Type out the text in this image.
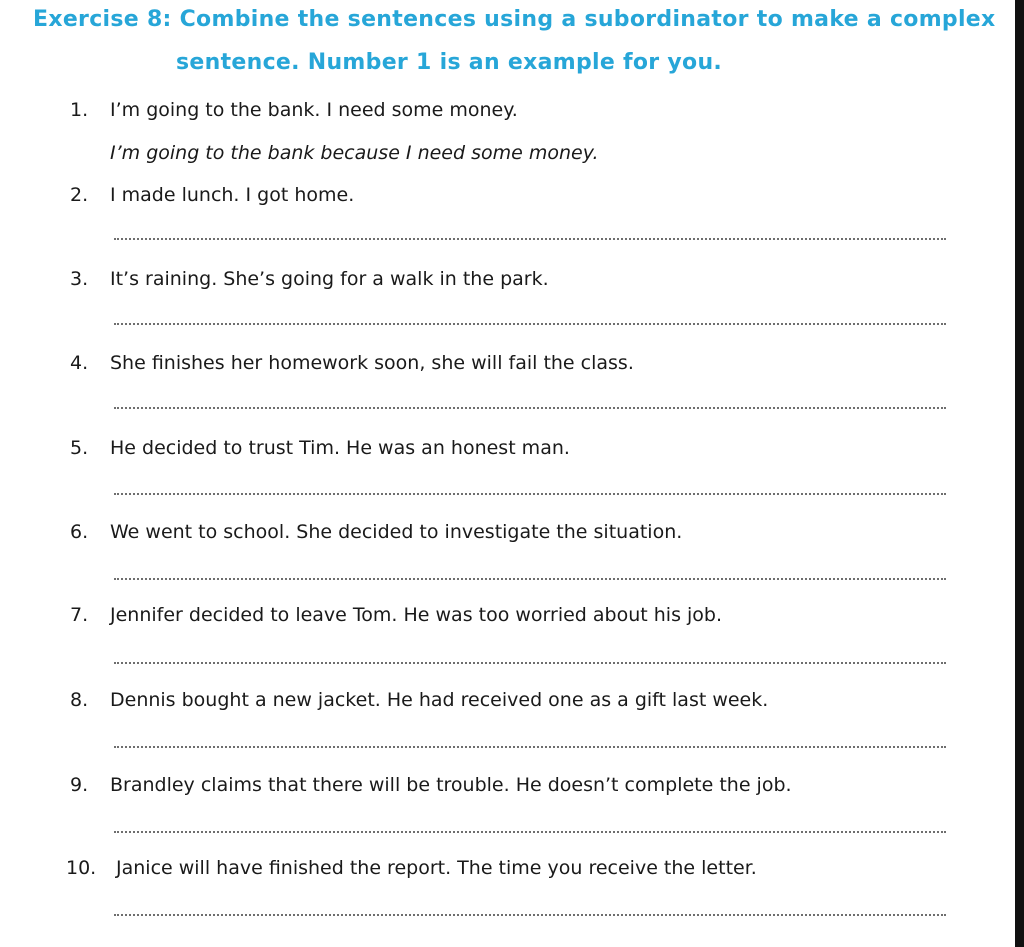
Exercise 8: Combine the sentences using a subordinator to make a complex
sentence. Number 1 is an example for you.
1. I’m going to the bank. I need some money.
I’m going to the bank because I need some money.
2. I made lunch. I got home.
3. It’s raining. She’s going for a walk in the park.
4. She finishes her homework soon, she will fail the class.
5. He decided to trust Tim. He was an honest man.
6. We went to school. She decided to investigate the situation.
7. Jennifer decided to leave Tom. He was too worried about his job.
8. Dennis bought a new jacket. He had received one as a gift last week.
9. Brandley claims that there will be trouble. He doesn’t complete the job.
10. Janice will have finished the report. The time you receive the letter.
